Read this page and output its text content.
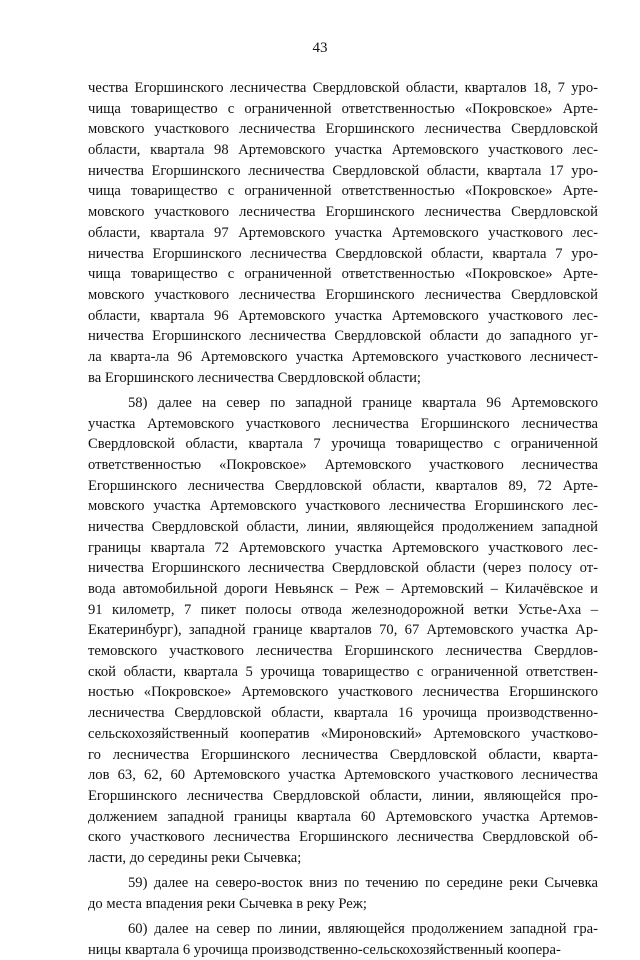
43
чества Егоршинского лесничества Свердловской области, кварталов 18, 7 уро-
чища товарищество с ограниченной ответственностью «Покровское» Арте-
мовского участкового лесничества Егоршинского лесничества Свердловской
области, квартала 98 Артемовского участка Артемовского участкового лес-
ничества Егоршинского лесничества Свердловской области, квартала 17 уро-
чища товарищество с ограниченной ответственностью «Покровское» Арте-
мовского участкового лесничества Егоршинского лесничества Свердловской
области, квартала 97 Артемовского участка Артемовского участкового лес-
ничества Егоршинского лесничества Свердловской области, квартала 7 уро-
чища товарищество с ограниченной ответственностью «Покровское» Арте-
мовского участкового лесничества Егоршинского лесничества Свердловской
области, квартала 96 Артемовского участка Артемовского участкового лес-
ничества Егоршинского лесничества Свердловской области до западного уг-
ла кварта-ла 96 Артемовского участка Артемовского участкового лесничест-
ва Егоршинского лесничества Свердловской области;
58) далее на север по западной границе квартала 96 Артемовского
участка Артемовского участкового лесничества Егоршинского лесничества
Свердловской области, квартала 7 урочища товарищество с ограниченной
ответственностью «Покровское» Артемовского участкового лесничества
Егоршинского лесничества Свердловской области, кварталов 89, 72 Арте-
мовского участка Артемовского участкового лесничества Егоршинского лес-
ничества Свердловской области, линии, являющейся продолжением западной
границы квартала 72 Артемовского участка Артемовского участкового лес-
ничества Егоршинского лесничества Свердловской области (через полосу от-
вода автомобильной дороги Невьянск – Реж – Артемовский – Килачёвское и
91 километр, 7 пикет полосы отвода железнодорожной ветки Устье-Аха –
Екатеринбург), западной границе кварталов 70, 67 Артемовского участка Ар-
темовского участкового лесничества Егоршинского лесничества Свердлов-
ской области, квартала 5 урочища товарищество с ограниченной ответствен-
ностью «Покровское» Артемовского участкового лесничества Егоршинского
лесничества Свердловской области, квартала 16 урочища производственно-
сельскохозяйственный кооператив «Мироновский» Артемовского участково-
го лесничества Егоршинского лесничества Свердловской области, кварта-
лов 63, 62, 60 Артемовского участка Артемовского участкового лесничества
Егоршинского лесничества Свердловской области, линии, являющейся про-
должением западной границы квартала 60 Артемовского участка Артемов-
ского участкового лесничества Егоршинского лесничества Свердловской об-
ласти, до середины реки Сычевка;
59) далее на северо-восток вниз по течению по середине реки Сычевка
до места впадения реки Сычевка в реку Реж;
60) далее на север по линии, являющейся продолжением западной гра-
ницы квартала 6 урочища производственно-сельскохозяйственный коопера-
